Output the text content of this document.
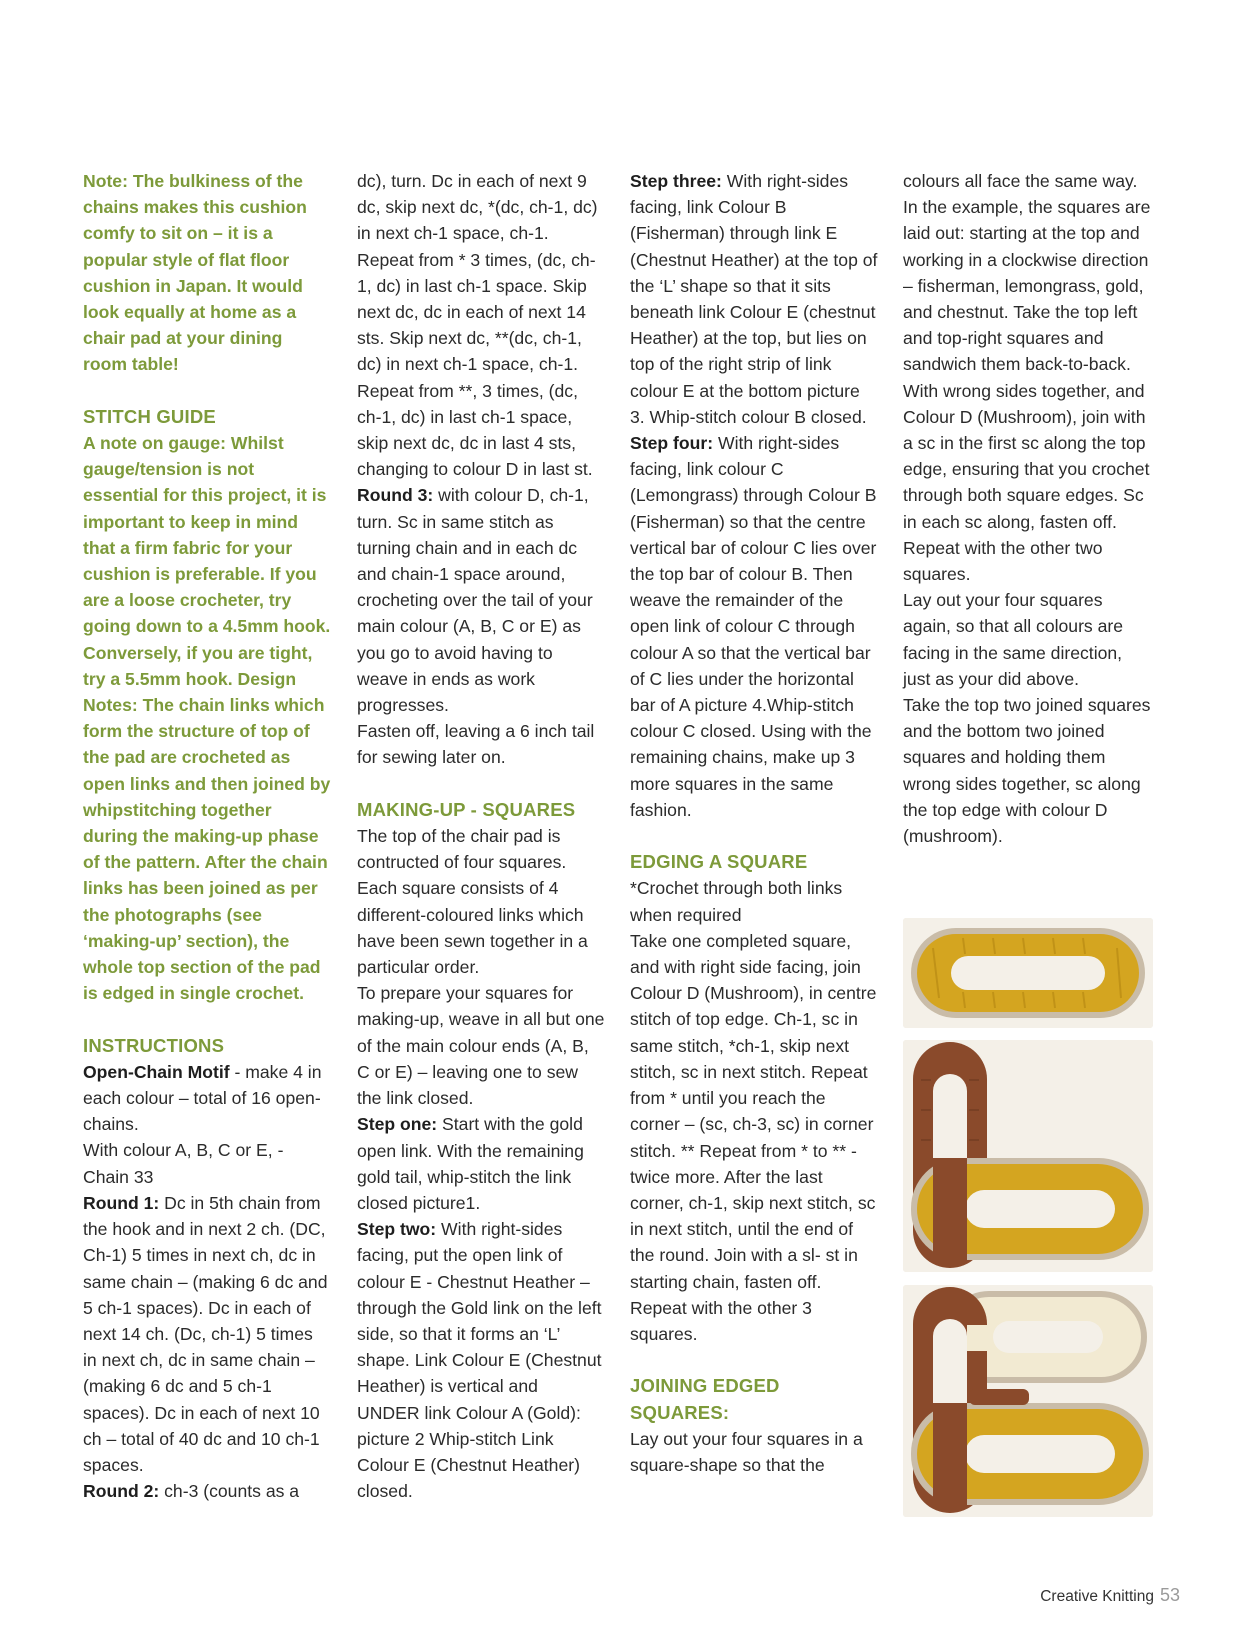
Note: The bulkiness of the chains makes this cushion comfy to sit on – it is a popular style of flat floor cushion in Japan. It would look equally at home as a chair pad at your dining room table!

STITCH GUIDE

A note on gauge: Whilst gauge/tension is not essential for this project, it is important to keep in mind that a firm fabric for your cushion is preferable. If you are a loose crocheter, try going down to a 4.5mm hook. Conversely, if you are tight, try a 5.5mm hook. Design Notes: The chain links which form the structure of top of the pad are crocheted as open links and then joined by whipstitching together during the making-up phase of the pattern. After the chain links has been joined as per the photographs (see ‘making-up’ section), the whole top section of the pad is edged in single crochet.

INSTRUCTIONS

Open-Chain Motif - make 4 in each colour – total of 16 open-chains.

With colour A, B, C or E, - Chain 33

Round 1: Dc in 5th chain from the hook and in next 2 ch. (DC, Ch-1) 5 times in next ch, dc in same chain – (making 6 dc and 5 ch-1 spaces). Dc in each of next 14 ch. (Dc, ch-1) 5 times in next ch, dc in same chain – (making 6 dc and 5 ch-1 spaces). Dc in each of next 10 ch – total of 40 dc and 10 ch-1 spaces.

Round 2: ch-3 (counts as a

dc), turn. Dc in each of next 9 dc, skip next dc, *(dc, ch-1, dc) in next ch-1 space, ch-1. Repeat from * 3 times, (dc, ch-1, dc) in last ch-1 space. Skip next dc, dc in each of next 14 sts. Skip next dc, **(dc, ch-1, dc) in next ch-1 space, ch-1. Repeat from **, 3 times, (dc, ch-1, dc) in last ch-1 space, skip next dc, dc in last 4 sts, changing to colour D in last st.

Round 3: with colour D, ch-1, turn. Sc in same stitch as turning chain and in each dc and chain-1 space around, crocheting over the tail of your main colour (A, B, C or E) as you go to avoid having to weave in ends as work progresses.

Fasten off, leaving a 6 inch tail for sewing later on.

MAKING-UP - SQUARES

The top of the chair pad is contructed of four squares. Each square consists of 4 different-coloured links which have been sewn together in a particular order.

To prepare your squares for making-up, weave in all but one of the main colour ends (A, B, C or E) – leaving one to sew the link closed.

Step one: Start with the gold open link. With the remaining gold tail, whip-stitch the link closed picture1.

Step two: With right-sides facing, put the open link of colour E - Chestnut Heather – through the Gold link on the left side, so that it forms an ‘L’ shape. Link Colour E (Chestnut Heather) is vertical and UNDER link Colour A (Gold): picture 2 Whip-stitch Link Colour E (Chestnut Heather) closed.

Step three: With right-sides facing, link Colour B (Fisherman) through link E (Chestnut Heather) at the top of the ‘L’ shape so that it sits beneath link Colour E (chestnut Heather) at the top, but lies on top of the right strip of link colour E at the bottom picture 3. Whip-stitch colour B closed.

Step four: With right-sides facing, link colour C (Lemongrass) through Colour B (Fisherman) so that the centre vertical bar of colour C lies over the top bar of colour B. Then weave the remainder of the open link of colour C through colour A so that the vertical bar of C lies under the horizontal bar of A picture 4.Whip-stitch colour C closed. Using with the remaining chains, make up 3 more squares in the same fashion.

EDGING A SQUARE

*Crochet through both links when required

Take one completed square, and with right side facing, join Colour D (Mushroom), in centre stitch of top edge. Ch-1, sc in same stitch, *ch-1, skip next stitch, sc in next stitch. Repeat from * until you reach the corner – (sc, ch-3, sc) in corner stitch. ** Repeat from * to ** - twice more. After the last corner, ch-1, skip next stitch, sc in next stitch, until the end of the round. Join with a sl- st in starting chain, fasten off.

Repeat with the other 3 squares.

JOINING EDGED SQUARES:

Lay out your four squares in a square-shape so that the

colours all face the same way. In the example, the squares are laid out: starting at the top and working in a clockwise direction – fisherman, lemongrass, gold, and chestnut. Take the top left and top-right squares and sandwich them back-to-back. With wrong sides together, and Colour D (Mushroom), join with a sc in the first sc along the top edge, ensuring that you crochet through both square edges. Sc in each sc along, fasten off.

Repeat with the other two squares.

Lay out your four squares again, so that all colours are facing in the same direction, just as your did above.

Take the top two joined squares and the bottom two joined squares and holding them wrong sides together, sc along the top edge with colour D (mushroom).

Creative Knitting 53
